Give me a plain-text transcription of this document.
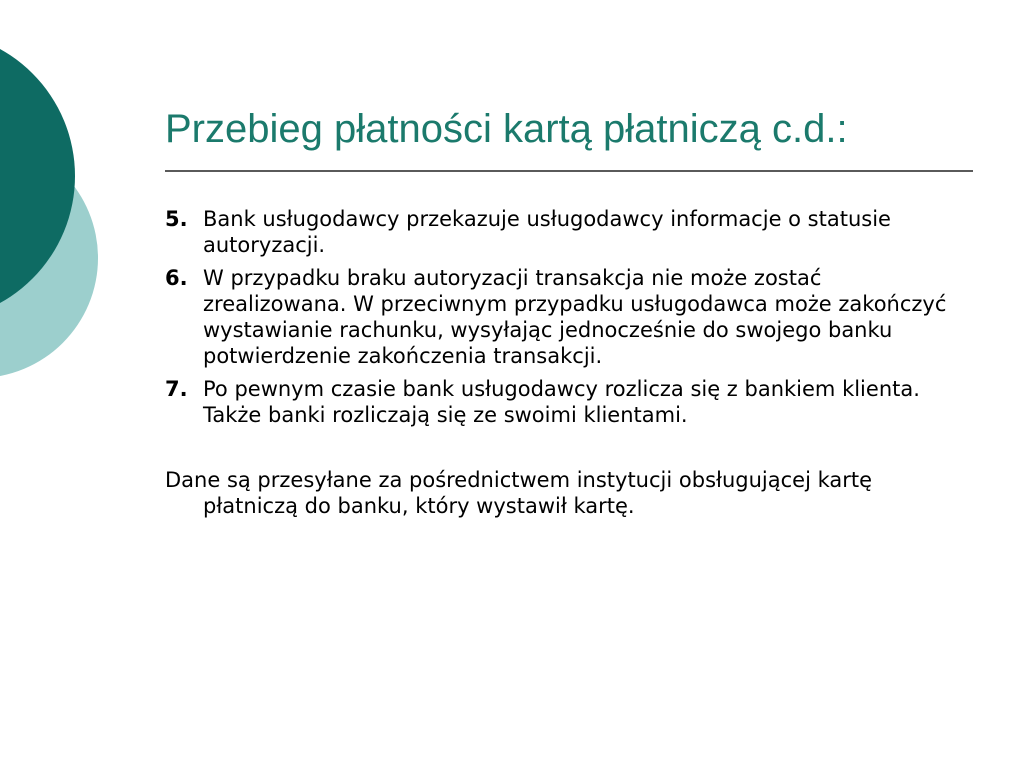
Przebieg płatności kartą płatniczą c.d.:
5. Bank usługodawcy przekazuje usługodawcy informacje o statusie autoryzacji.
6. W przypadku braku autoryzacji transakcja nie może zostać zrealizowana. W przeciwnym przypadku usługodawca może zakończyć wystawianie rachunku, wysyłając jednocześnie do swojego banku potwierdzenie zakończenia transakcji.
7. Po pewnym czasie bank usługodawcy rozlicza się z bankiem klienta. Także banki rozliczają się ze swoimi klientami.
Dane są przesyłane za pośrednictwem instytucji obsługującej kartę płatniczą do banku, który wystawił kartę.
